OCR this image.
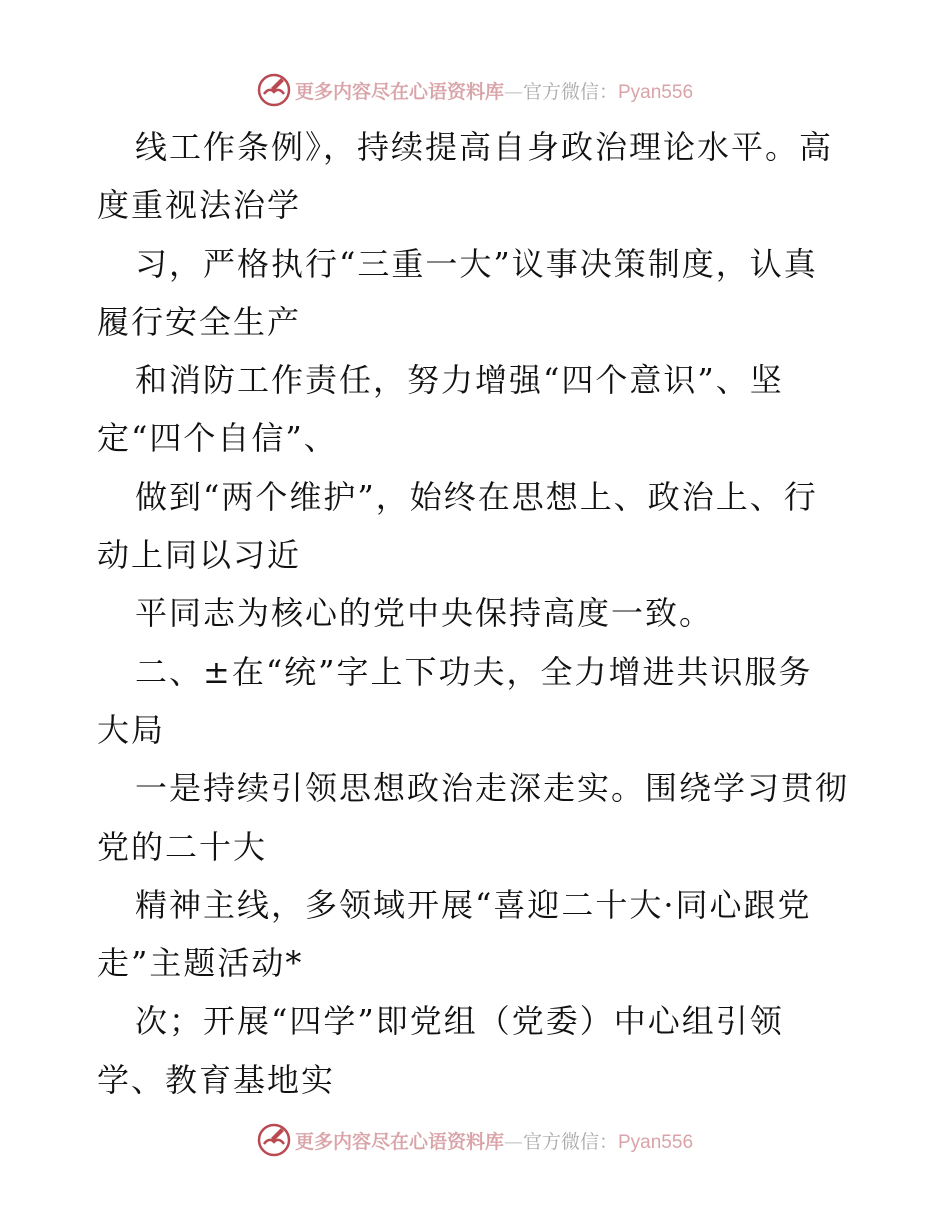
更多内容尽在心语资料库—官方微信：Pyan556
线工作条例》，持续提高自身政治理论水平。高
度重视法治学
习，严格执行“三重一大”议事决策制度，认真
履行安全生产
和消防工作责任，努力增强“四个意识”、坚
定“四个自信”、
做到“两个维护”，始终在思想上、政治上、行
动上同以习近
平同志为核心的党中央保持高度一致。
二、±在“统”字上下功夫，全力增进共识服务
大局
一是持续引领思想政治走深走实。围绕学习贯彻
党的二十大
精神主线，多领域开展“喜迎二十大·同心跟党
走”主题活动*
次；开展“四学”即党组（党委）中心组引领
学、教育基地实
更多内容尽在心语资料库—官方微信：Pyan556
